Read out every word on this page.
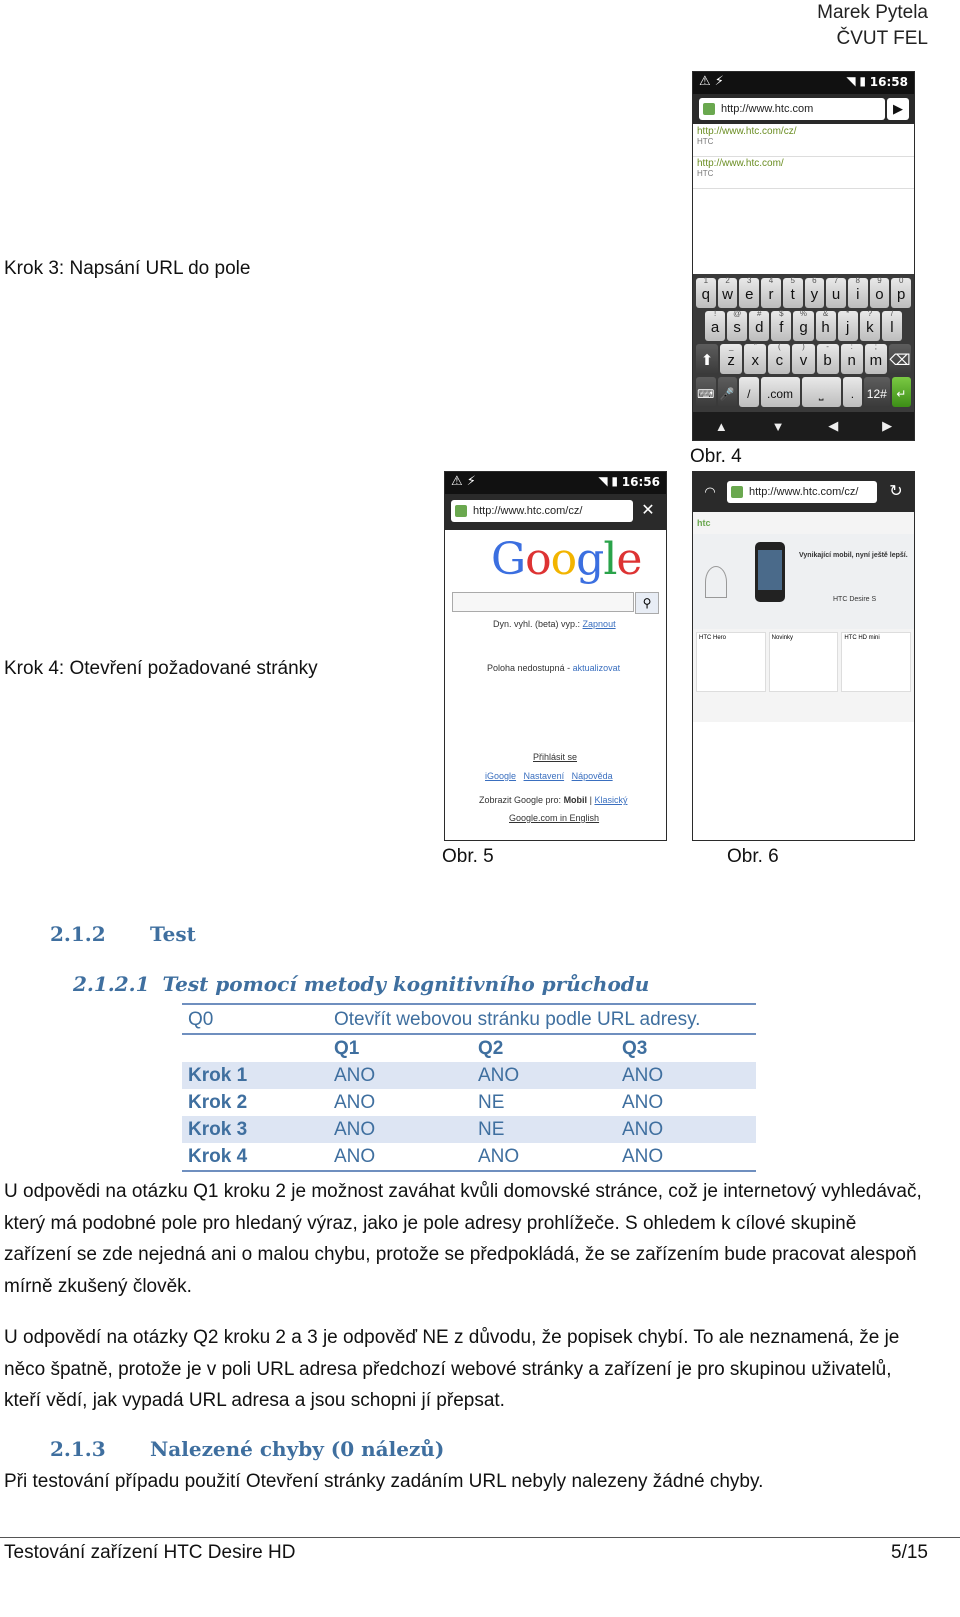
Marek Pytela
ČVUT FEL
Krok 3: Napsání URL do pole
Krok 4: Otevření požadované stránky
Obr. 4
Obr. 5	Obr. 6
⚠ ⚡	◥ ▮ 16:58
http://www.htc.com	▶
http://www.htc.com/cz/
HTC
http://www.htc.com/
HTC
1
q
2
w
3
e
4
r
5
t
6
y
7
u
8
i
9
o
0
p
!
a
@
s
#
d
$
f
%
g
&
h
*
j
?
k
/
l
⬆
_
z
"
x
(
c
)
v
-
b
:
n
;
m ⌫
⌨ 🎤	/	.com	⎵	.	12# ↵
▲	▼	◀	▶
⚠ ⚡	◥ ▮ 16:56
http://www.htc.com/cz/	✕
Google
⚲
Dyn. vyhl. (beta) vyp.: Zapnout
Poloha nedostupná - aktualizovat
Přihlásit se
iGoogle Nastavení Nápověda
Zobrazit Google pro: Mobil | Klasický
Google.com in English
◠	http://www.htc.com/cz/	↻
htc
Vynikající mobil, nyní ještě lepší.
HTC Desire S
HTC Hero	Novinky	HTC HD mini
2.1.2 Test
2.1.2.1 Test pomocí metody kognitivního průchodu
Q0	Otevřít webovou stránku podle URL adresy.		
	Q1	Q2	Q3
Krok 1	ANO	ANO	ANO
Krok 2	ANO	NE	ANO
Krok 3	ANO	NE	ANO
Krok 4	ANO	ANO	ANO
U odpovědi na otázku Q1 kroku 2 je možnost zaváhat kvůli domovské stránce, což je internetový vyhledávač, který má podobné pole pro hledaný výraz, jako je pole adresy prohlížeče. S ohledem k cílové skupině zařízení se zde nejedná ani o malou chybu, protože se předpokládá, že se zařízením bude pracovat alespoň mírně zkušený člověk.
U odpovědí na otázky Q2 kroku 2 a 3 je odpověď NE z důvodu, že popisek chybí. To ale neznamená, že je něco špatně, protože je v poli URL adresa předchozí webové stránky a zařízení je pro skupinou uživatelů, kteří vědí, jak vypadá URL adresa a jsou schopni jí přepsat.
2.1.3 Nalezené chyby (0 nálezů)
Při testování případu použití Otevření stránky zadáním URL nebyly nalezeny žádné chyby.
Testování zařízení HTC Desire HD	5/15
